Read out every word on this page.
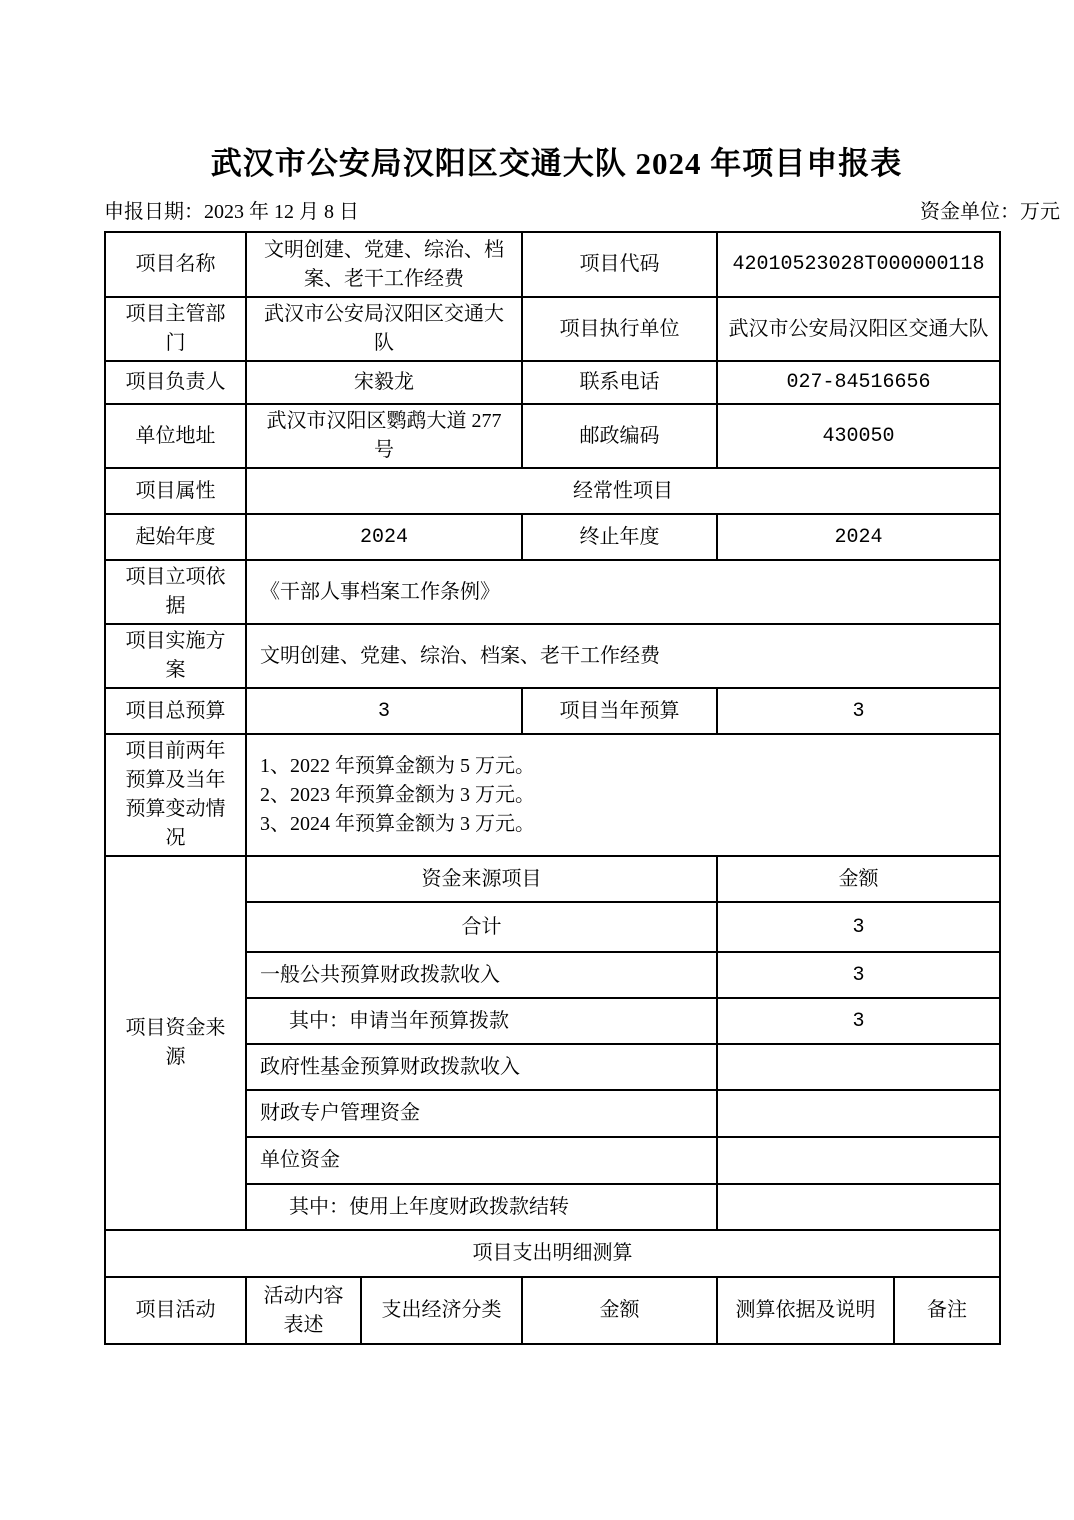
武汉市公安局汉阳区交通大队 2024 年项目申报表
申报日期：2023 年 12 月 8 日	资金单位：万元
项目名称	文明创建、党建、综治、档案、老干工作经费		项目代码	42010523028T000000118	
项目主管部门	武汉市公安局汉阳区交通大队		项目执行单位	武汉市公安局汉阳区交通大队	
项目负责人	宋毅龙		联系电话	027-84516656	
单位地址	武汉市汉阳区鹦鹉大道 277 号		邮政编码	430050	
项目属性	经常性项目				
起始年度	2024		终止年度	2024	
项目立项依据	《干部人事档案工作条例》				
项目实施方案	文明创建、党建、综治、档案、老干工作经费				
项目总预算	3		项目当年预算	3	
项目前两年预算及当年预算变动情况	1、2022 年预算金额为 5 万元。
2、2023 年预算金额为 3 万元。
3、2024 年预算金额为 3 万元。				

项目资金来源	资金来源项目			金额	
	合计			3	
	一般公共预算财政拨款收入			3	
	其中：申请当年预算拨款			3	
	政府性基金预算财政拨款收入				
	财政专户管理资金				
	单位资金				
	其中：使用上年度财政拨款结转				
项目支出明细测算					
项目活动	活动内容表述	支出经济分类	金额	测算依据及说明	备注
